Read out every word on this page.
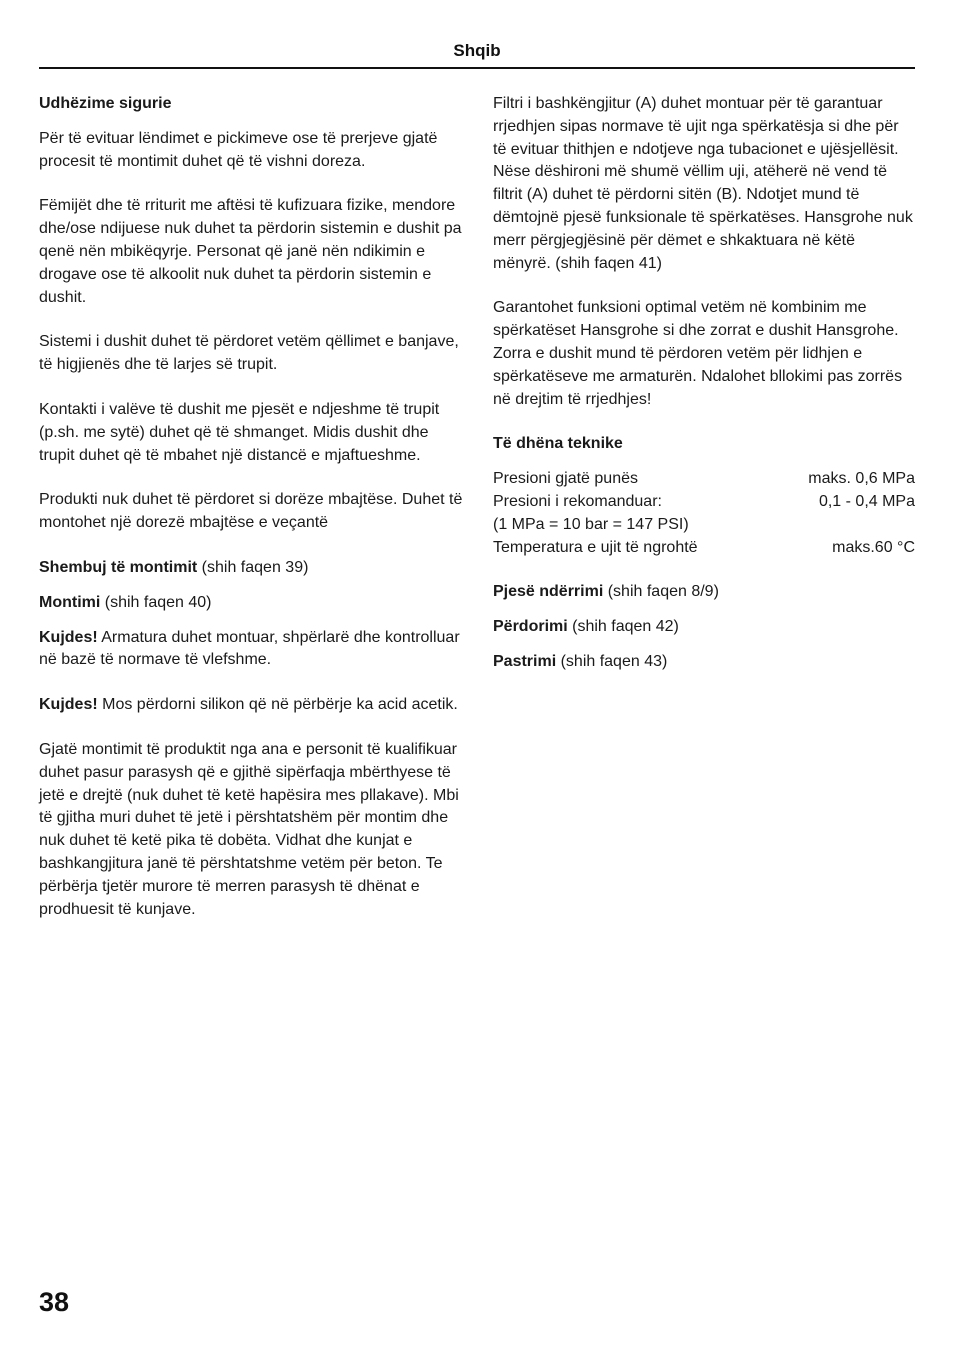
Shqib

Udhëzime sigurie

Për të evituar lëndimet e pickimeve ose të prerjeve gjatë procesit të montimit duhet që të vishni doreza.

Fëmijët dhe të rriturit me aftësi të kufizuara fizike, mendore dhe/ose ndijuese nuk duhet ta përdorin sistemin e dushit pa qenë nën mbikëqyrje. Personat që janë nën ndikimin e drogave ose të alkoolit nuk duhet ta përdorin sistemin e dushit.

Sistemi i dushit duhet të përdoret vetëm qëllimet e banjave, të higjienës dhe të larjes së trupit.

Kontakti i valëve të dushit me pjesët e ndjeshme të trupit (p.sh. me sytë) duhet që të shmanget. Midis dushit dhe trupit duhet që të mbahet një distancë e mjaftueshme.

Produkti nuk duhet të përdoret si dorëze mbajtëse. Duhet të montohet një dorezë mbajtëse e veçantë

Shembuj të montimit (shih faqen 39)

Montimi (shih faqen 40)

Kujdes! Armatura duhet montuar, shpërlarë dhe kontrolluar në bazë të normave të vlefshme.

Kujdes! Mos përdorni silikon që në përbërje ka acid acetik.

Gjatë montimit të produktit nga ana e personit të kualifikuar duhet pasur parasysh që e gjithë sipërfaqja mbërthyese të jetë e drejtë (nuk duhet të ketë hapësira mes pllakave). Mbi të gjitha muri duhet të jetë i përshtatshëm për montim dhe nuk duhet të ketë pika të dobëta. Vidhat dhe kunjat e bashkangjitura janë të përshtatshme vetëm për beton. Te përbërja tjetër murore të merren parasysh të dhënat e prodhuesit të kunjave.

Filtri i bashkëngjitur (A) duhet montuar për të garantuar rrjedhjen sipas normave të ujit nga spërkatësja si dhe për të evituar thithjen e ndotjeve nga tubacionet e ujësjellësit. Nëse dëshironi më shumë vëllim uji, atëherë në vend të filtrit (A) duhet të përdorni sitën (B). Ndotjet mund të dëmtojnë pjesë funksionale të spërkatëses. Hansgrohe nuk merr përgjegjësinë për dëmet e shkaktuara në këtë mënyrë. (shih faqen 41)

Garantohet funksioni optimal vetëm në kombinim me spërkatëset Hansgrohe si dhe zorrat e dushit Hansgrohe. Zorra e dushit mund të përdoren vetëm për lidhjen e spërkatëseve me armaturën. Ndalohet bllokimi pas zorrës në drejtim të rrjedhjes!

Të dhëna teknike

Presioni gjatë punës	maks. 0,6 MPa
Presioni i rekomanduar:	0,1 - 0,4 MPa
(1 MPa = 10 bar = 147 PSI)
Temperatura e ujit të ngrohtë	maks.60 °C

Pjesë ndërrimi (shih faqen 8/9)

Përdorimi (shih faqen 42)

Pastrimi (shih faqen 43)

38
